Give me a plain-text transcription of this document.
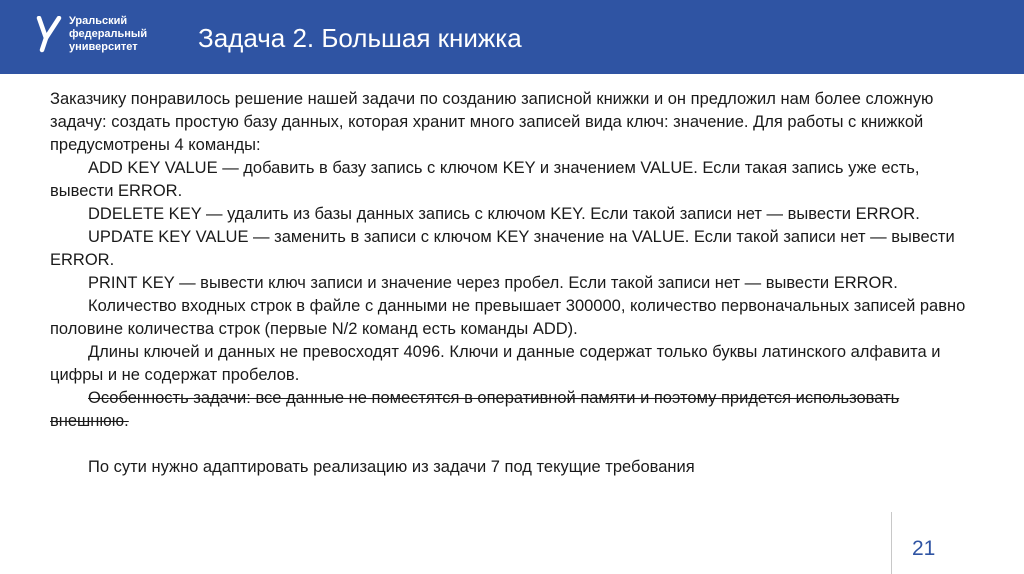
Уральский
федеральный
университет	Задача 2. Большая книжка

Заказчику понравилось решение нашей задачи по созданию записной книжки и он предложил нам более сложную задачу: создать простую базу данных, которая хранит много записей вида ключ: значение. Для работы с книжкой предусмотрены 4 команды:

ADD KEY VALUE — добавить в базу запись с ключом KEY и значением VALUE. Если такая запись уже есть, вывести ERROR.

DDELETE KEY — удалить из базы данных запись с ключом KEY. Если такой записи нет — вывести ERROR.

UPDATE KEY VALUE — заменить в записи с ключом KEY значение на VALUE. Если такой записи нет — вывести ERROR.

PRINT KEY — вывести ключ записи и значение через пробел. Если такой записи нет — вывести ERROR.

Количество входных строк в файле с данными не превышает 300000, количество первоначальных записей равно половине количества строк (первые N/2 команд есть команды ADD).

Длины ключей и данных не превосходят 4096. Ключи и данные содержат только буквы латинского алфавита и цифры и не содержат пробелов.

Особенность задачи: все данные не поместятся в оперативной памяти и поэтому придется использовать внешнюю.

По сути нужно адаптировать реализацию из задачи 7 под текущие требования

21
